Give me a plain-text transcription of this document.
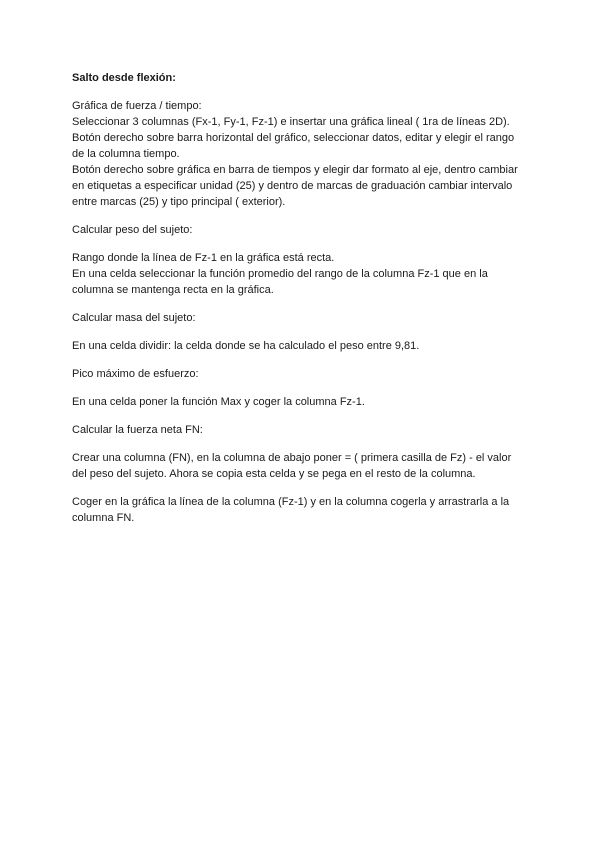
Salto desde flexión:
Gráfica de fuerza / tiempo:
Seleccionar 3 columnas (Fx-1, Fy-1, Fz-1) e insertar una gráfica lineal ( 1ra de líneas 2D).
Botón derecho sobre barra horizontal del gráfico, seleccionar datos, editar y elegir el rango
de la columna tiempo.
Botón derecho sobre gráfica en barra de tiempos y elegir dar formato al eje, dentro cambiar
en etiquetas a especificar unidad (25) y dentro de marcas de graduación cambiar intervalo
entre marcas (25) y tipo principal ( exterior).
Calcular peso del sujeto:
Rango donde la línea de Fz-1 en la gráfica está recta.
En una celda seleccionar la función promedio del rango de la columna Fz-1 que en la
columna se mantenga recta en la gráfica.
Calcular masa del sujeto:
En una celda dividir: la celda donde se ha calculado el peso entre 9,81.
Pico máximo de esfuerzo:
En una celda poner la función Max y coger la columna Fz-1.
Calcular la fuerza neta FN:
Crear una columna (FN), en la columna de abajo poner = ( primera casilla de Fz) - el valor
del peso del sujeto. Ahora se copia esta celda y se pega en el resto de la columna.
Coger en la gráfica la línea de la columna (Fz-1) y en la columna cogerla y arrastrarla a la
columna FN.
